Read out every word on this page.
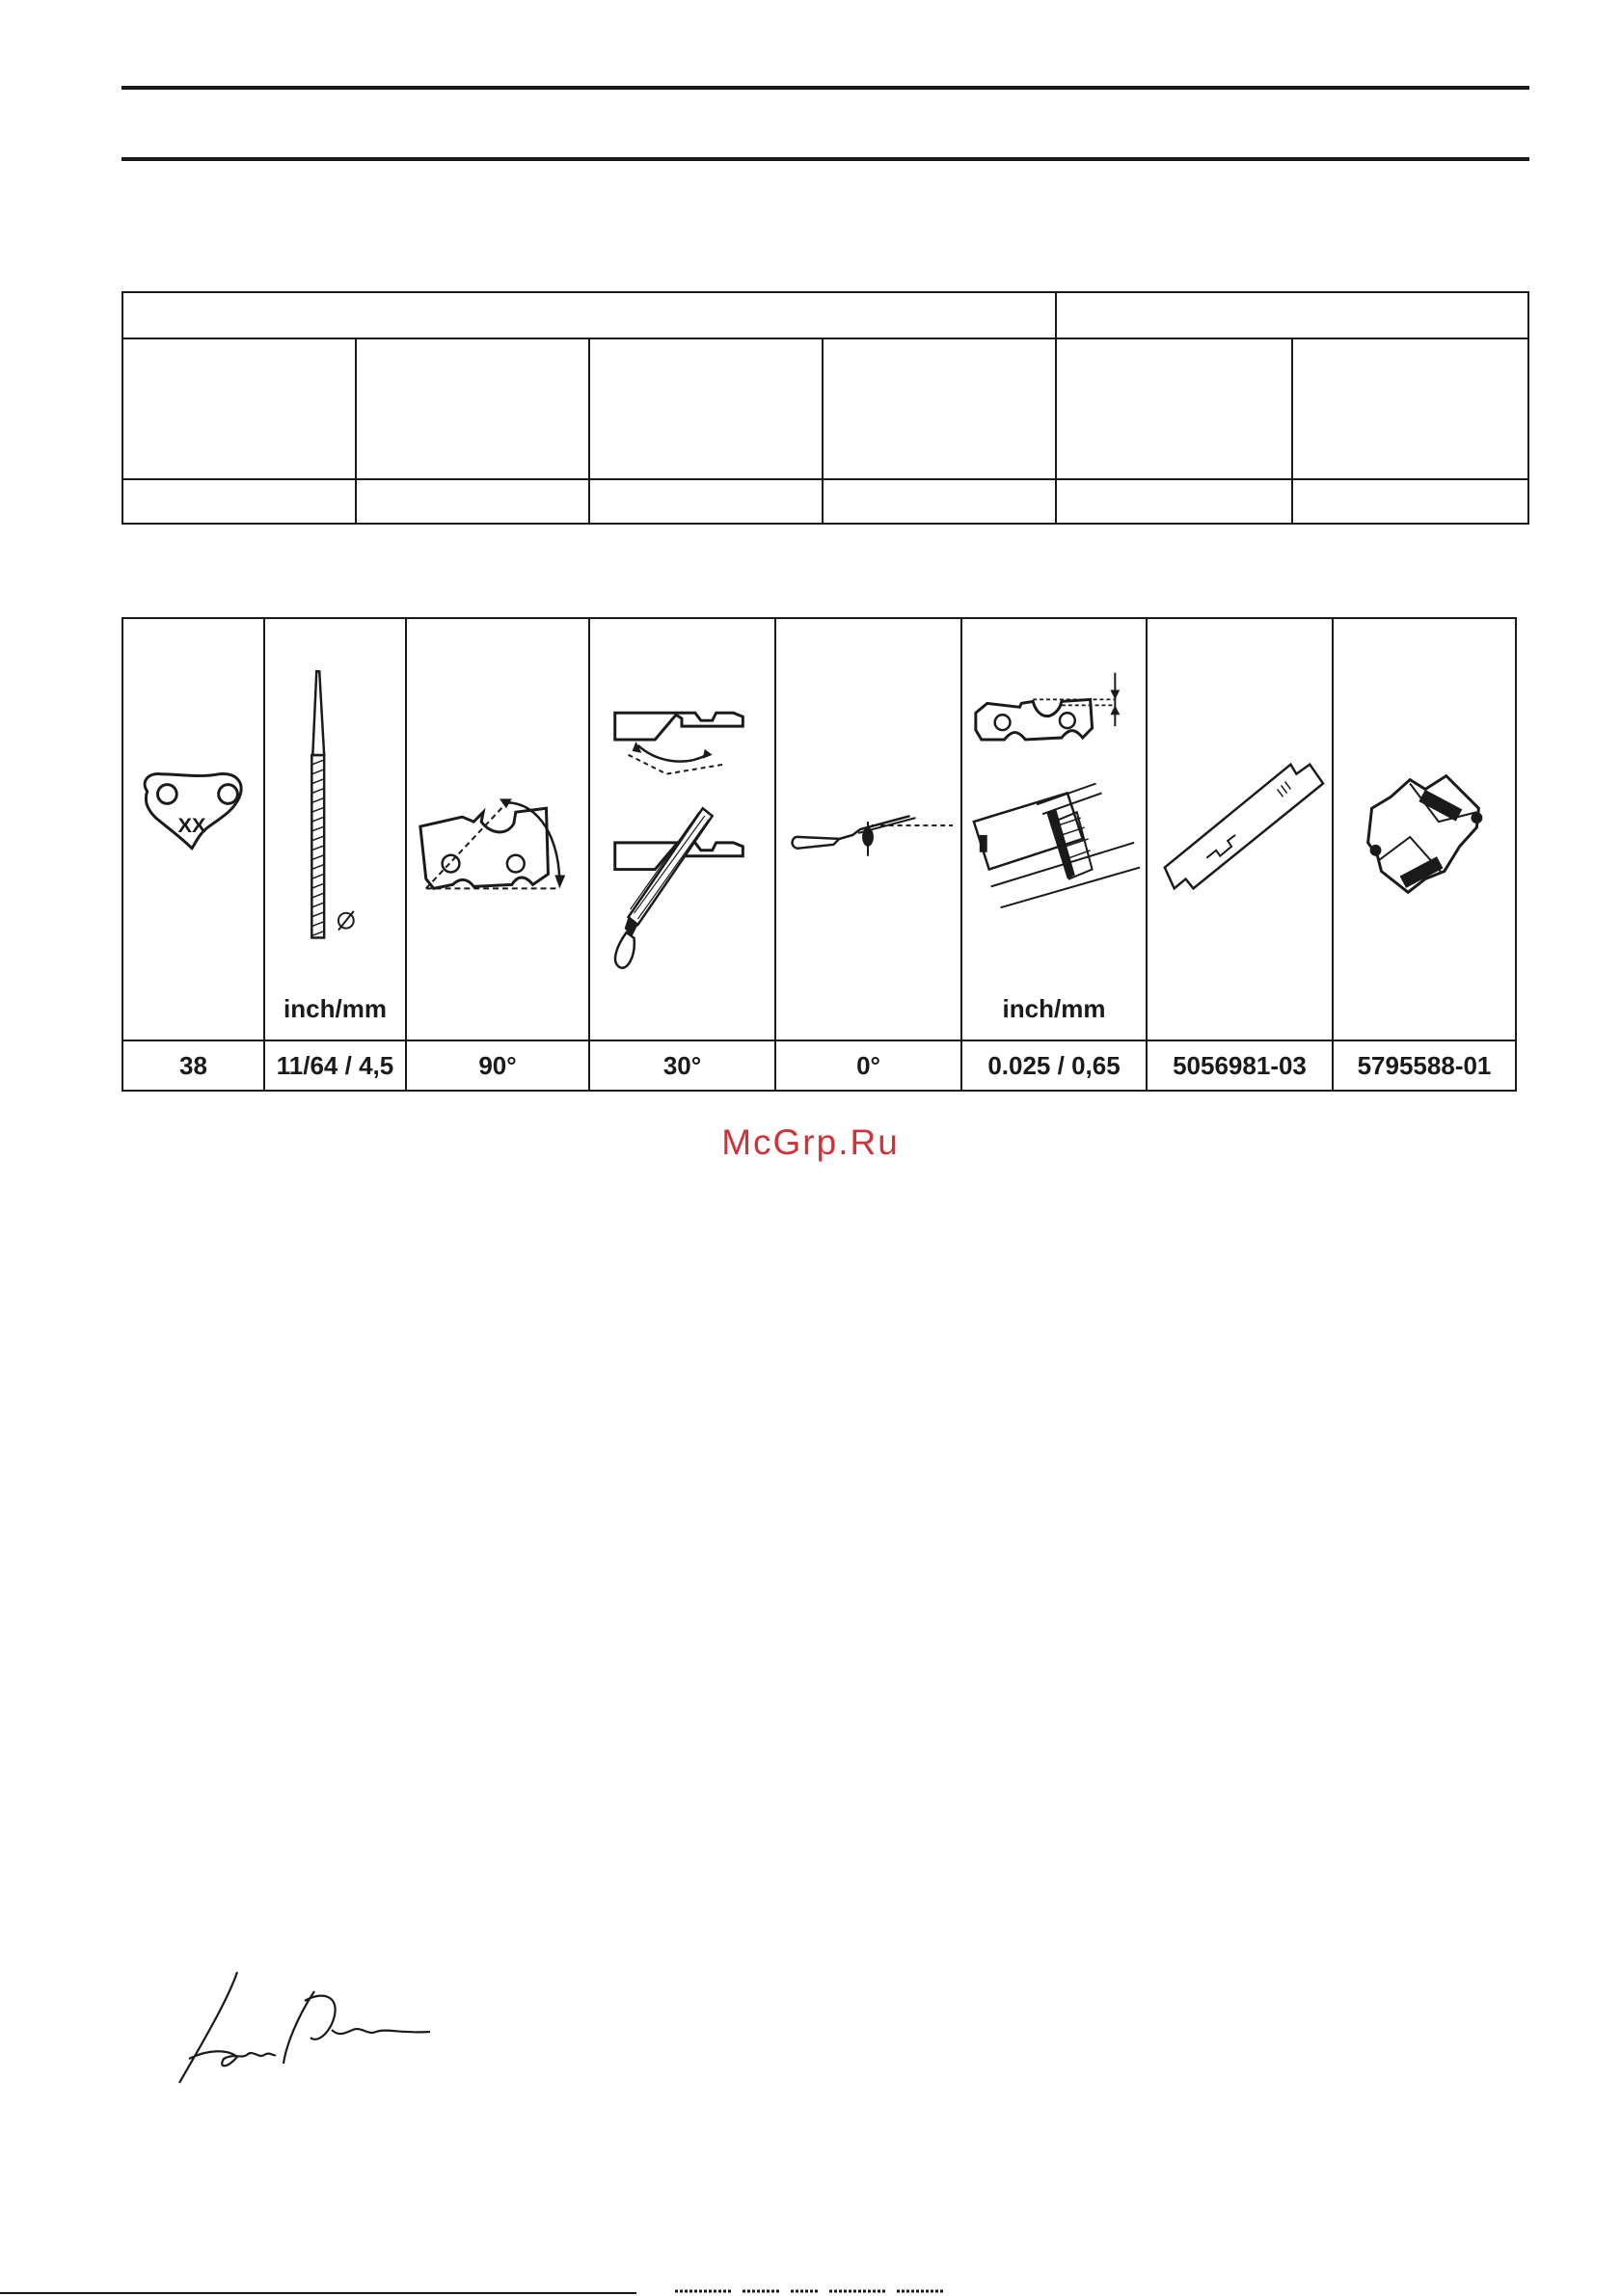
XX	inch/mm				inch/mm

38	11/64 / 4,5	90°	30°	0°	0.025 / 0,65	5056981-03	5795588-01
McGrp.Ru
